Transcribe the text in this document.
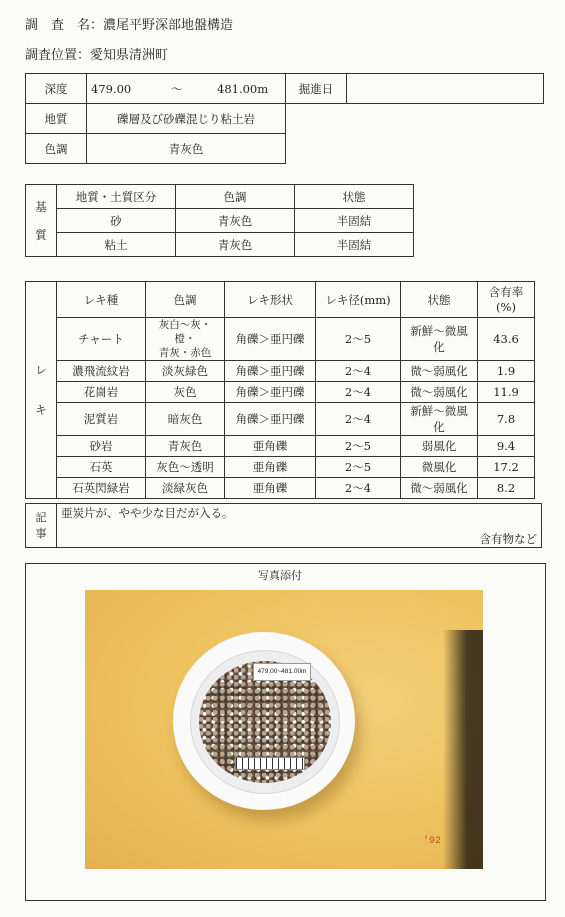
調　査　名：濃尾平野深部地盤構造
調査位置：愛知県清洲町
深度	479.00 〜 481.00m	掘進日	
地質	礫層及び砂礫混じり粘土岩		
色調	青灰色		
基
質	地質・土質区分	色調	状態
	砂	青灰色	半固結
	粘土	青灰色	半固結
レ
キ	レキ種	色調	レキ形状	レキ径(mm)	状態	含有率
(%)
	チャート	灰白〜灰・橙・
青灰・赤色	角礫＞亜円礫	2〜5	新鮮〜微風化	43.6
	濃飛流紋岩	淡灰緑色	角礫＞亜円礫	2〜4	微〜弱風化	1.9
	花崗岩	灰色	角礫＞亜円礫	2〜4	微〜弱風化	11.9
	泥質岩	暗灰色	角礫＞亜円礫	2〜4	新鮮〜微風化	7.8
	砂岩	青灰色	亜角礫	2〜5	弱風化	9.4
	石英	灰色〜透明	亜角礫	2〜5	微風化	17.2
	石英閃緑岩	淡緑灰色	亜角礫	2〜4	微〜弱風化	8.2
記
事	
亜炭片が、やや少な目だが入る。
含有物など
写真添付
479.00~481.00m
'92
